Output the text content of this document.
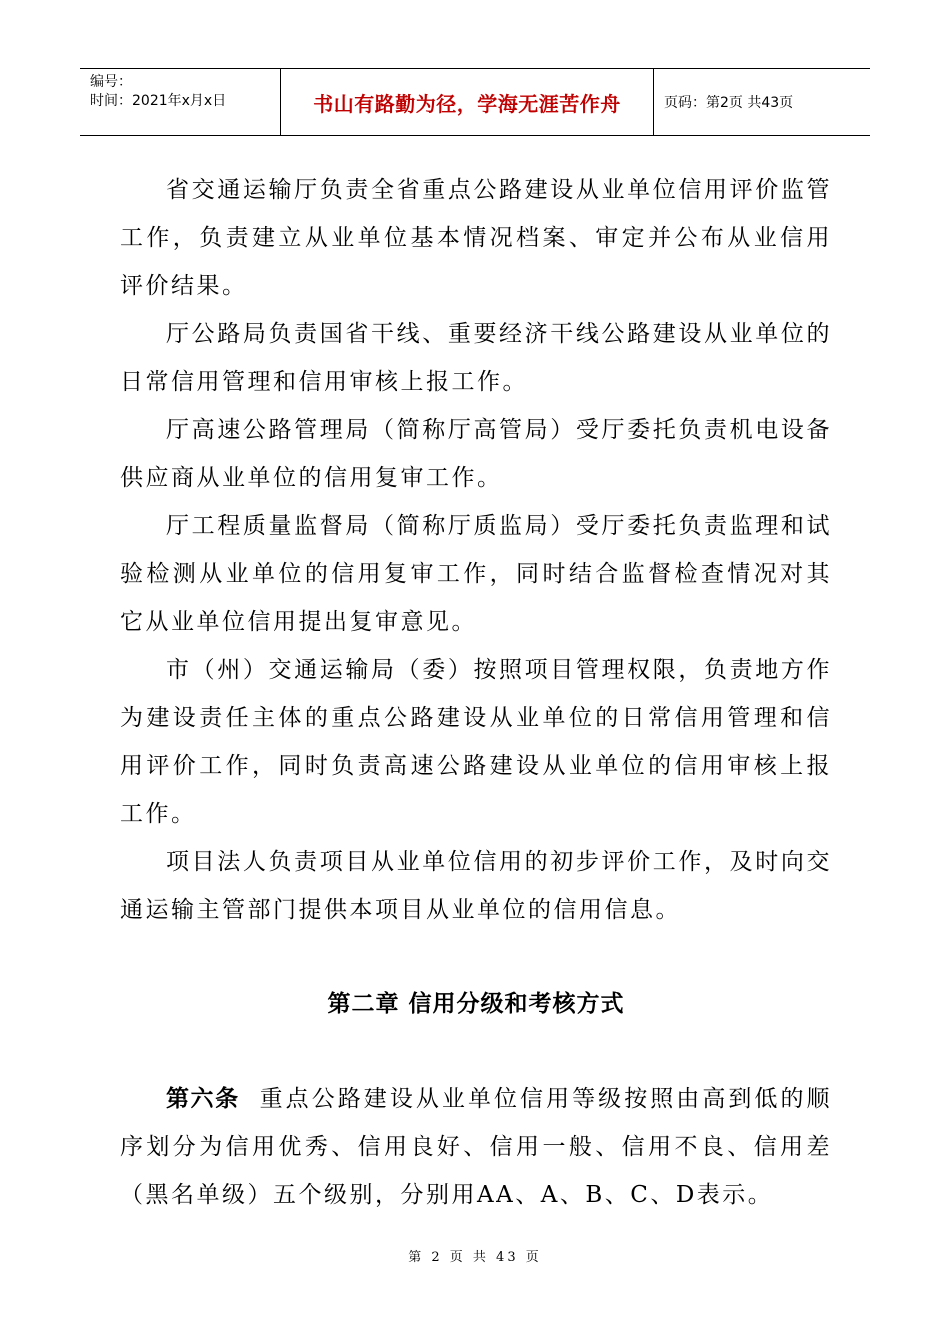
编号：
时间：2021年x月x日	书山有路勤为径，学海无涯苦作舟	页码：第2页 共43页

省交通运输厅负责全省重点公路建设从业单位信用评价监管工作，负责建立从业单位基本情况档案、审定并公布从业信用评价结果。

厅公路局负责国省干线、重要经济干线公路建设从业单位的日常信用管理和信用审核上报工作。

厅高速公路管理局（简称厅高管局）受厅委托负责机电设备供应商从业单位的信用复审工作。

厅工程质量监督局（简称厅质监局）受厅委托负责监理和试验检测从业单位的信用复审工作，同时结合监督检查情况对其它从业单位信用提出复审意见。

市（州）交通运输局（委）按照项目管理权限，负责地方作为建设责任主体的重点公路建设从业单位的日常信用管理和信用评价工作，同时负责高速公路建设从业单位的信用审核上报工作。

项目法人负责项目从业单位信用的初步评价工作，及时向交通运输主管部门提供本项目从业单位的信用信息。

第二章 信用分级和考核方式

第六条 重点公路建设从业单位信用等级按照由高到低的顺序划分为信用优秀、信用良好、信用一般、信用不良、信用差（黑名单级）五个级别，分别用AA、A、B、C、D表示。

第 2 页 共 43 页
